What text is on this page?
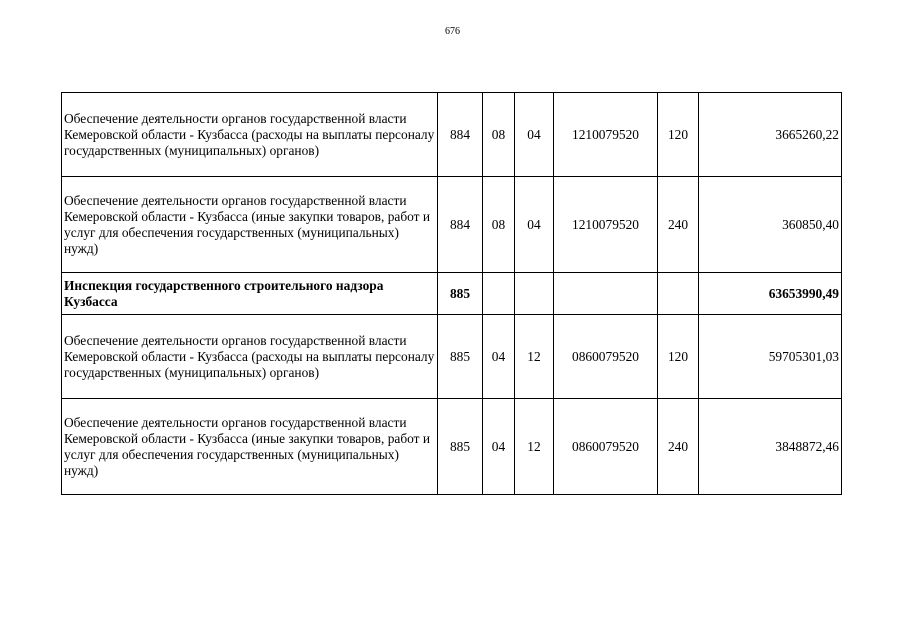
676
Обеспечение деятельности органов государственной власти Кемеровской области - Кузбасса (расходы на выплаты персоналу государственных (муниципальных) органов)	884	08	04	1210079520	120	3665260,22
Обеспечение деятельности органов государственной власти Кемеровской области - Кузбасса (иные закупки товаров, работ и услуг для обеспечения государственных (муниципальных) нужд)	884	08	04	1210079520	240	360850,40
Инспекция государственного строительного надзора Кузбасса	885					63653990,49
Обеспечение деятельности органов государственной власти Кемеровской области - Кузбасса (расходы на выплаты персоналу государственных (муниципальных) органов)	885	04	12	0860079520	120	59705301,03
Обеспечение деятельности органов государственной власти Кемеровской области - Кузбасса (иные закупки товаров, работ и услуг для обеспечения государственных (муниципальных) нужд)	885	04	12	0860079520	240	3848872,46
